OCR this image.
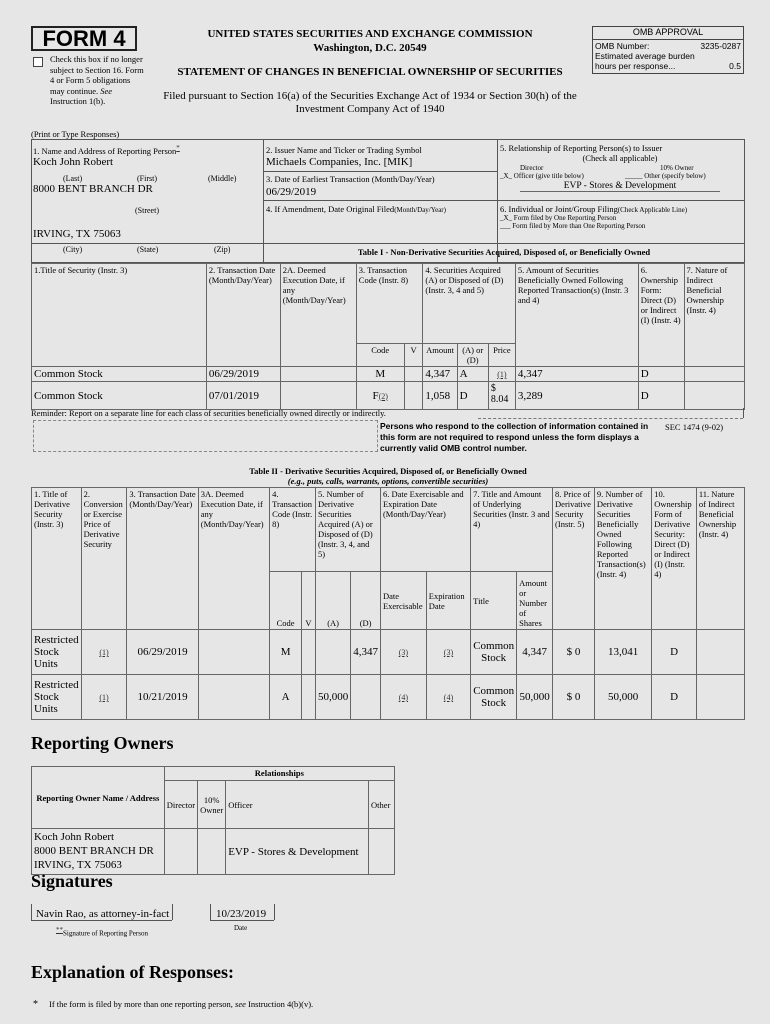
FORM 4
Check this box if no longer subject to Section 16. Form 4 or Form 5 obligations may continue. See Instruction 1(b).
UNITED STATES SECURITIES AND EXCHANGE COMMISSION
Washington, D.C. 20549
STATEMENT OF CHANGES IN BENEFICIAL OWNERSHIP OF SECURITIES
Filed pursuant to Section 16(a) of the Securities Exchange Act of 1934 or Section 30(h) of the Investment Company Act of 1940
OMB APPROVAL
OMB Number:	3235-0287
Estimated average burden
hours per response...	0.5
(Print or Type Responses)
1. Name and Address of Reporting Person*
Koch John Robert
(Last)	(First)	(Middle)
8000 BENT BRANCH DR
(Street)
IRVING, TX 75063
(City)	(State)	(Zip)
2. Issuer Name and Ticker or Trading Symbol
Michaels Companies, Inc. [MIK]
3. Date of Earliest Transaction (Month/Day/Year)
06/29/2019
4. If Amendment, Date Original Filed(Month/Day/Year)
5. Relationship of Reporting Person(s) to Issuer
(Check all applicable)
Director	10% Owner
_X_ Officer (give title below)	_____ Other (specify below)
EVP - Stores & Development
6. Individual or Joint/Group Filing(Check Applicable Line)
_X_ Form filed by One Reporting Person
___ Form filed by More than One Reporting Person
Table I - Non-Derivative Securities Acquired, Disposed of, or Beneficially Owned
1.Title of Security (Instr. 3)	2. Transaction Date (Month/Day/Year)	2A. Deemed Execution Date, if any (Month/Day/Year)	3. Transaction Code (Instr. 8)		4. Securities Acquired (A) or Disposed of (D) (Instr. 3, 4 and 5)			5. Amount of Securities Beneficially Owned Following Reported Transaction(s) (Instr. 3 and 4)	6. Ownership Form: Direct (D) or Indirect (I) (Instr. 4)	7. Nature of Indirect Beneficial Ownership (Instr. 4)
			Code	V	Amount	(A) or (D)	Price			
Common Stock	06/29/2019		M		4,347	A	(1)	4,347	D	
Common Stock	07/01/2019		F(2)		1,058	D	$ 8.04	3,289	D	
Reminder: Report on a separate line for each class of securities beneficially owned directly or indirectly.
Persons who respond to the collection of information contained in this form are not required to respond unless the form displays a currently valid OMB control number.
SEC 1474 (9-02)
Table II - Derivative Securities Acquired, Disposed of, or Beneficially Owned
(e.g., puts, calls, warrants, options, convertible securities)
1. Title of Derivative Security (Instr. 3)	2. Conversion or Exercise Price of Derivative Security	3. Transaction Date (Month/Day/Year)	3A. Deemed Execution Date, if any (Month/Day/Year)	4. Transaction Code (Instr. 8)		5. Number of Derivative Securities Acquired (A) or Disposed of (D) (Instr. 3, 4, and 5)		6. Date Exercisable and Expiration Date (Month/Day/Year)		7. Title and Amount of Underlying Securities (Instr. 3 and 4)		8. Price of Derivative Security (Instr. 5)	9. Number of Derivative Securities Beneficially Owned Following Reported Transaction(s) (Instr. 4)	10. Ownership Form of Derivative Security: Direct (D) or Indirect (I) (Instr. 4)	11. Nature of Indirect Beneficial Ownership (Instr. 4)
				Code	V	(A)	(D)	Date Exercisable	Expiration Date	Title	Amount or Number of Shares				
Restricted Stock Units	(1)	06/29/2019		M			4,347	(3)	(3)	Common Stock	4,347	$ 0	13,041	D	
Restricted Stock Units	(1)	10/21/2019		A		50,000		(4)	(4)	Common Stock	50,000	$ 0	50,000	D	
Reporting Owners
Reporting Owner Name / Address	Relationships			
	Director	10% Owner	Officer	Other

Koch John Robert
8000 BENT BRANCH DR
IRVING, TX 75063			EVP - Stores & Development	
Signatures
Navin Rao, as attorney-in-fact
**Signature of Reporting Person
10/23/2019
Date
Explanation of Responses:
* If the form is filed by more than one reporting person, see Instruction 4(b)(v).
